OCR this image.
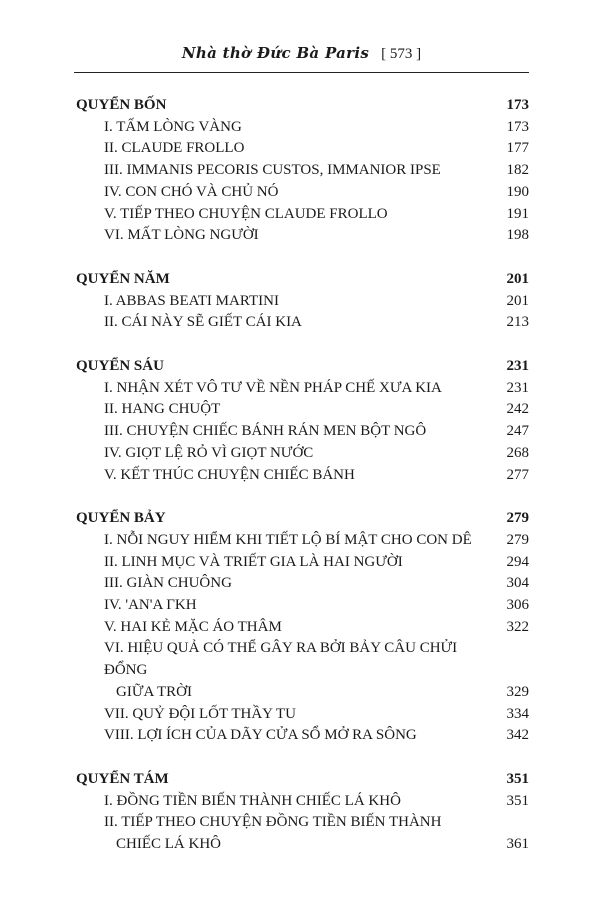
Nhà thờ Đức Bà Paris [ 573 ]
QUYỂN BỐN	173
I. TẤM LÒNG VÀNG	173
II. CLAUDE FROLLO	177
III. IMMANIS PECORIS CUSTOS, IMMANIOR IPSE	182
IV. CON CHÓ VÀ CHỦ NÓ	190
V. TIẾP THEO CHUYỆN CLAUDE FROLLO	191
VI. MẤT LÒNG NGƯỜI	198
QUYỂN NĂM	201
I. ABBAS BEATI MARTINI	201
II. CÁI NÀY SẼ GIẾT CÁI KIA	213
QUYỂN SÁU	231
I. NHẬN XÉT VÔ TƯ VỀ NỀN PHÁP CHẾ XƯA KIA	231
II. HANG CHUỘT	242
III. CHUYỆN CHIẾC BÁNH RÁN MEN BỘT NGÔ	247
IV. GIỌT LỆ RỎ VÌ GIỌT NƯỚC	268
V. KẾT THÚC CHUYỆN CHIẾC BÁNH	277
QUYỂN BẢY	279
I. NỖI NGUY HIỂM KHI TIẾT LỘ BÍ MẬT CHO CON DÊ 279
II. LINH MỤC VÀ TRIẾT GIA LÀ HAI NGƯỜI	294
III. GIÀN CHUÔNG	304
IV. 'AN'A ΓΚΗ	306
V. HAI KẺ MẶC ÁO THÂM	322
VI. HIỆU QUẢ CÓ THỂ GÂY RA BỞI BẢY CÂU CHỬI ĐỔNG
GIỮA TRỜI	329
VII. QUỶ ĐỘI LỐT THẦY TU	334
VIII. LỢI ÍCH CỦA DÃY CỬA SỔ MỞ RA SÔNG	342
QUYỂN TÁM	351
I. ĐỒNG TIỀN BIẾN THÀNH CHIẾC LÁ KHÔ	351
II. TIẾP THEO CHUYỆN ĐỒNG TIỀN BIẾN THÀNH
CHIẾC LÁ KHÔ	361
